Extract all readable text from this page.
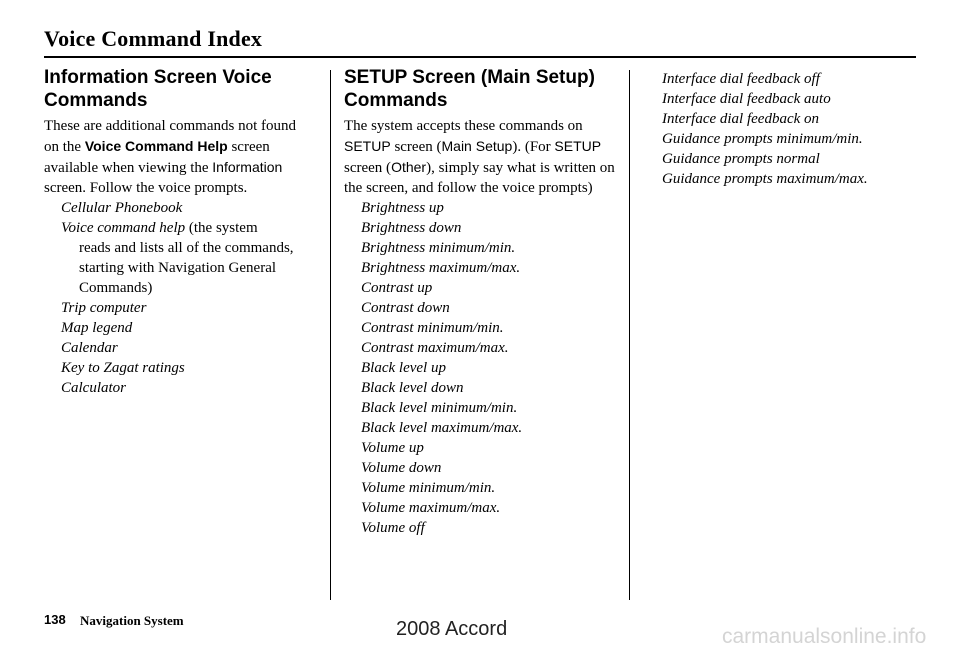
Voice Command Index
Information Screen Voice Commands

These are additional commands not found on the Voice Command Help screen available when viewing the Information screen. Follow the voice prompts.

Cellular Phonebook
Voice command help (the system
reads and lists all of the commands, starting with Navigation General Commands)
Trip computer
Map legend
Calendar
Key to Zagat ratings
Calculator
SETUP Screen (Main Setup) Commands

The system accepts these commands on SETUP screen (Main Setup). (For SETUP screen (Other), simply say what is written on the screen, and follow the voice prompts)

Brightness up
Brightness down
Brightness minimum/min.
Brightness maximum/max.
Contrast up
Contrast down
Contrast minimum/min.
Contrast maximum/max.
Black level up
Black level down
Black level minimum/min.
Black level maximum/max.
Volume up
Volume down
Volume minimum/min.
Volume maximum/max.
Volume off
Interface dial feedback off
Interface dial feedback auto
Interface dial feedback on
Guidance prompts minimum/min.
Guidance prompts normal
Guidance prompts maximum/max.
138 Navigation System	2008 Accord	carmanualsonline.info
